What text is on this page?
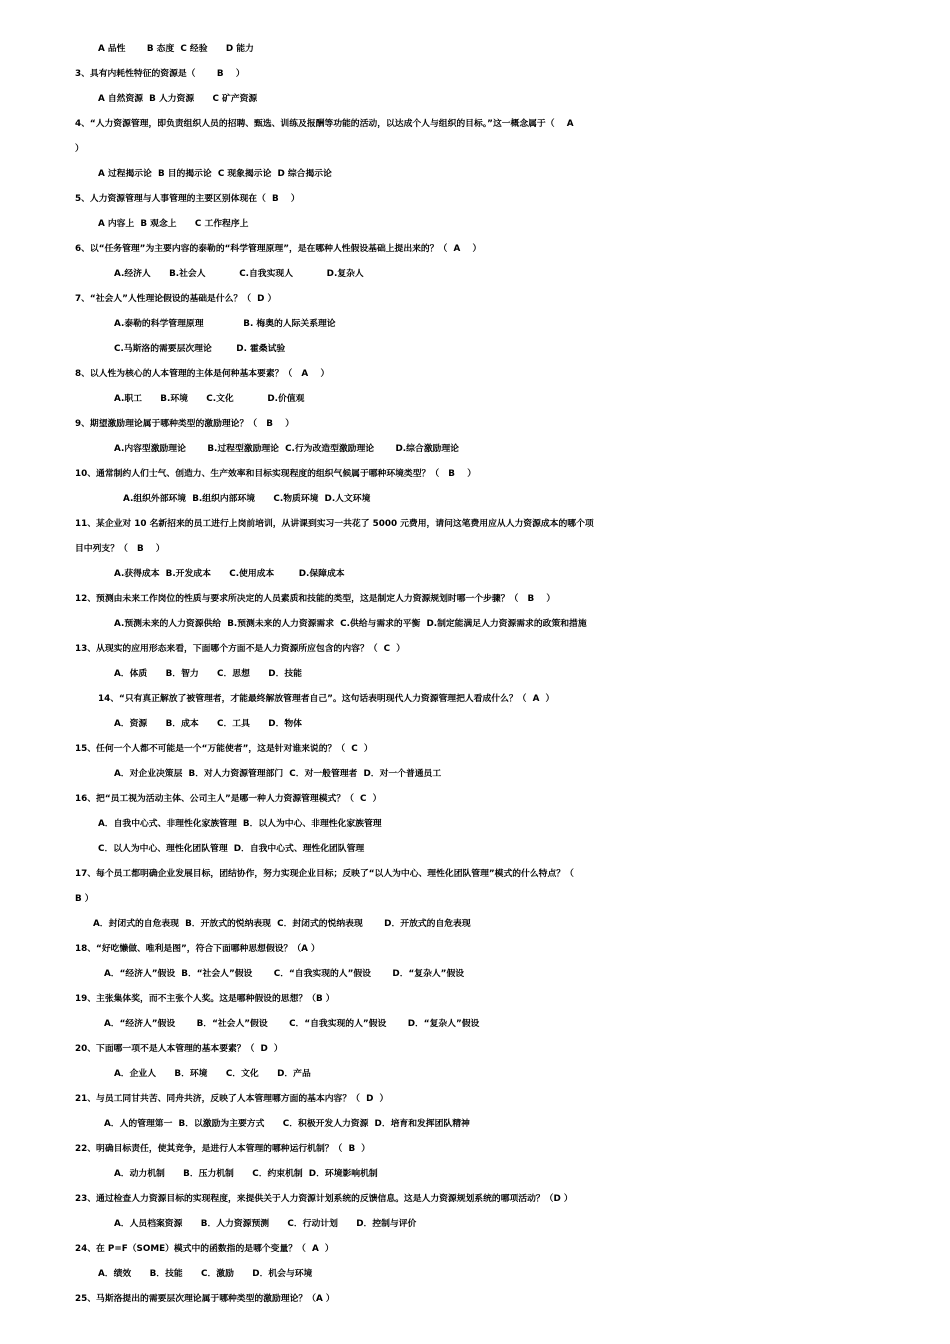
A 品性       B 态度  C 经验      D 能力
3、具有内耗性特征的资源是（       B    ）
A 自然资源  B 人力资源      C 矿产资源
4、“人力资源管理，即负责组织人员的招聘、甄选、训练及报酬等功能的活动，以达成个人与组织的目标。”这一概念属于（    A
）
A 过程揭示论  B 目的揭示论  C 现象揭示论  D 综合揭示论
5、人力资源管理与人事管理的主要区别体现在（  B    ）
A 内容上  B 观念上      C 工作程序上
6、以“任务管理”为主要内容的泰勒的“科学管理原理”，是在哪种人性假设基础上提出来的？（  A    ）
A.经济人      B.社会人           C.自我实现人           D.复杂人
7、“社会人”人性理论假设的基础是什么？（  D ）
A.泰勒的科学管理原理             B. 梅奥的人际关系理论
C.马斯洛的需要层次理论        D. 霍桑试验
8、以人性为核心的人本管理的主体是何种基本要素？（   A    ）
A.职工      B.环境      C.文化           D.价值观
9、期望激励理论属于哪种类型的激励理论？（   B    ）
A.内容型激励理论       B.过程型激励理论  C.行为改造型激励理论       D.综合激励理论
10、通常制约人们士气、创造力、生产效率和目标实现程度的组织气候属于哪种环境类型？（   B    ）
A.组织外部环境  B.组织内部环境      C.物质环境  D.人文环境
11、某企业对 10 名新招来的员工进行上岗前培训，从讲课到实习一共花了 5000 元费用，请问这笔费用应从人力资源成本的哪个项
目中列支？（   B    ）
A.获得成本  B.开发成本      C.使用成本        D.保障成本
12、预测由未来工作岗位的性质与要求所决定的人员素质和技能的类型，这是制定人力资源规划时哪一个步骤？（   B    ）
A.预测未来的人力资源供给  B.预测未来的人力资源需求  C.供给与需求的平衡  D.制定能满足人力资源需求的政策和措施
13、从现实的应用形态来看，下面哪个方面不是人力资源所应包含的内容？（  C  ）
A．体质      B．智力      C．思想      D．技能
14、“只有真正解放了被管理者，才能最终解放管理者自己”。这句话表明现代人力资源管理把人看成什么？（  A  ）
A．资源      B．成本      C．工具      D．物体
15、任何一个人都不可能是一个“万能使者”，这是针对谁来说的？（  C  ）
A．对企业决策层  B．对人力资源管理部门  C．对一般管理者  D．对一个普通员工
16、把“员工视为活动主体、公司主人”是哪一种人力资源管理模式？（  C  ）
A．自我中心式、非理性化家族管理  B．以人为中心、非理性化家族管理
C．以人为中心、理性化团队管理  D．自我中心式、理性化团队管理
17、每个员工都明确企业发展目标，团结协作，努力实现企业目标；反映了“以人为中心、理性化团队管理”模式的什么特点？（
B ）
A．封闭式的自危表现  B．开放式的悦纳表现  C．封闭式的悦纳表现       D．开放式的自危表现
18、“好吃懒做、唯利是图”，符合下面哪种思想假设？（A ）
A．“经济人”假设  B．“社会人”假设       C．“自我实现的人”假设       D．“复杂人”假设
19、主张集体奖，而不主张个人奖。这是哪种假设的思想？（B ）
A．“经济人”假设       B．“社会人”假设       C．“自我实现的人”假设       D．“复杂人”假设
20、下面哪一项不是人本管理的基本要素？（  D  ）
A．企业人      B．环境      C．文化      D．产品
21、与员工同甘共苦、同舟共济，反映了人本管理哪方面的基本内容？（  D  ）
A．人的管理第一  B．以激励为主要方式      C．积极开发人力资源  D．培育和发挥团队精神
22、明确目标责任，使其竞争，是进行人本管理的哪种运行机制？（  B  ）
A．动力机制      B．压力机制      C．约束机制  D．环境影响机制
23、通过检查人力资源目标的实现程度，来提供关于人力资源计划系统的反馈信息。这是人力资源规划系统的哪项活动？（D ）
A．人员档案资源      B．人力资源预测      C．行动计划      D．控制与评价
24、在 P=F（SOME）模式中的函数指的是哪个变量？（  A  ）
A．绩效      B．技能      C．激励      D．机会与环境
25、马斯洛提出的需要层次理论属于哪种类型的激励理论？（A ）
